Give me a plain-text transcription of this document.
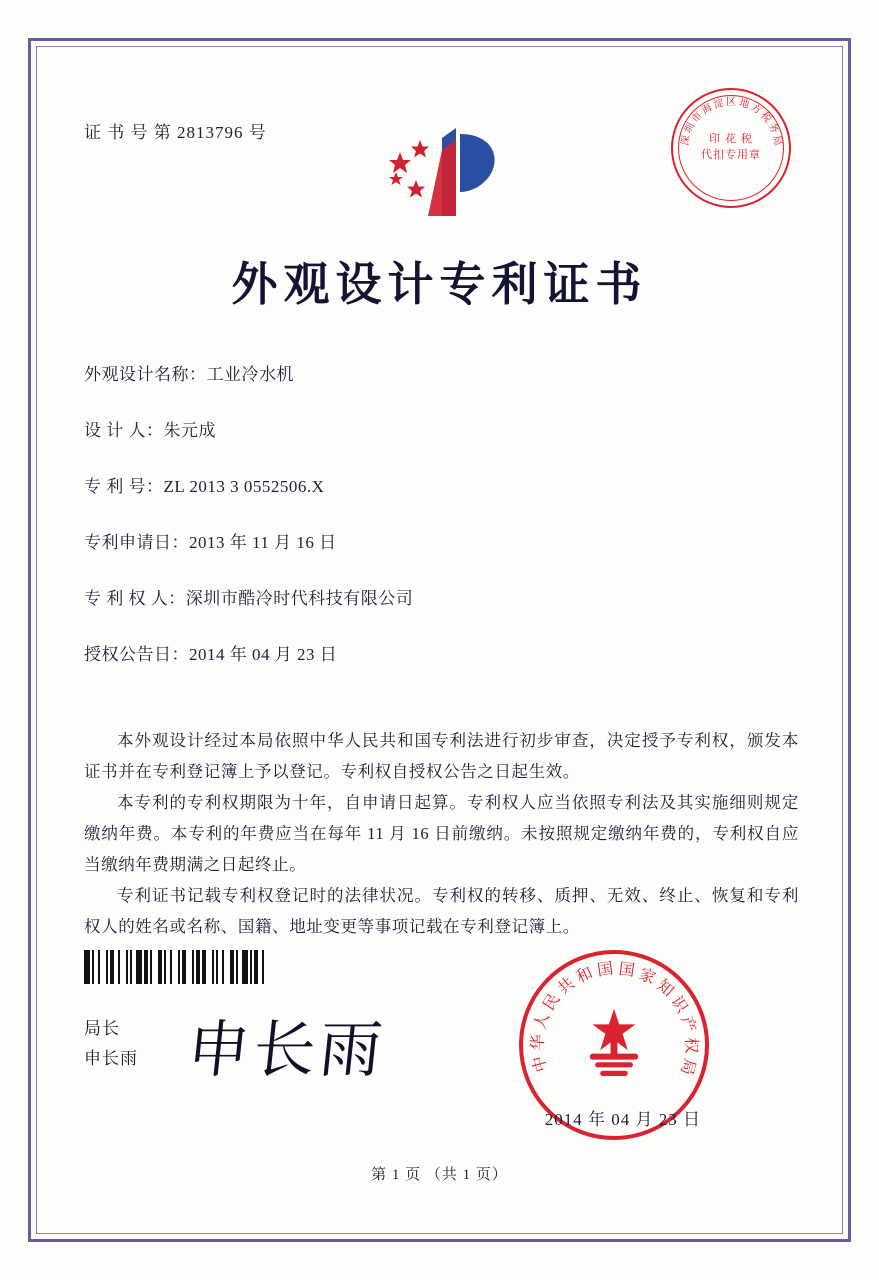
证 书 号 第 2813796 号	印 花 税
代扣专用章
深
圳
市
海
淀 区 地
方
税
务
局
外观设计专利证书
外观设计名称：工业冷水机
设 计 人：朱元成
专 利 号：ZL 2013 3 0552506.X
专利申请日：2013 年 11 月 16 日
专 利 权 人：深圳市酷冷时代科技有限公司
授权公告日：2014 年 04 月 23 日
本外观设计经过本局依照中华人民共和国专利法进行初步审查，决定授予专利权，颁发本证书并在专利登记簿上予以登记。专利权自授权公告之日起生效。
本专利的专利权期限为十年，自申请日起算。专利权人应当依照专利法及其实施细则规定缴纳年费。本专利的年费应当在每年 11 月 16 日前缴纳。未按照规定缴纳年费的，专利权自应当缴纳年费期满之日起终止。
专利证书记载专利权登记时的法律状况。专利权的转移、质押、无效、终止、恢复和专利权人的姓名或名称、国籍、地址变更等事项记载在专利登记簿上。
局长
申长雨 申长雨	中
华
人
民
共
和 国 国 家
知
识
产
权
局
2014 年 04 月 23 日
第 1 页 （共 1 页）
